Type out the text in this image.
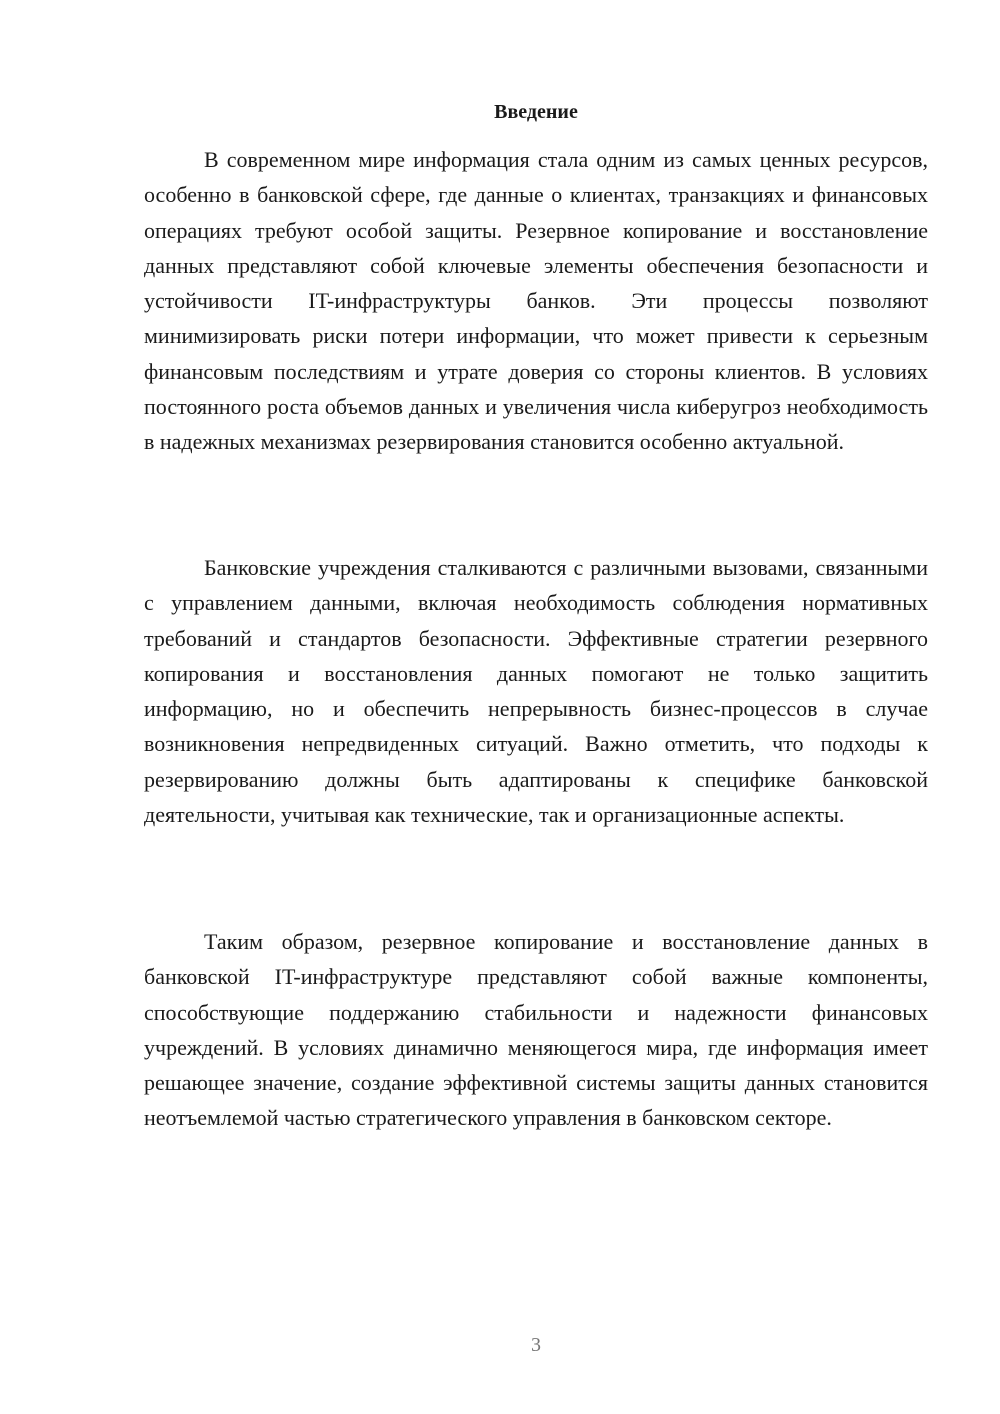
Введение

В современном мире информация стала одним из самых ценных ресурсов, особенно в банковской сфере, где данные о клиентах, транзакциях и финансовых операциях требуют особой защиты. Резервное копирование и восстановление данных представляют собой ключевые элементы обеспечения безопасности и устойчивости IT-инфраструктуры банков. Эти процессы позволяют минимизировать риски потери информации, что может привести к серьезным финансовым последствиям и утрате доверия со стороны клиентов. В условиях постоянного роста объемов данных и увеличения числа киберугроз необходимость в надежных механизмах резервирования становится особенно актуальной.

Банковские учреждения сталкиваются с различными вызовами, связанными с управлением данными, включая необходимость соблюдения нормативных требований и стандартов безопасности. Эффективные стратегии резервного копирования и восстановления данных помогают не только защитить информацию, но и обеспечить непрерывность бизнес-процессов в случае возникновения непредвиденных ситуаций. Важно отметить, что подходы к резервированию должны быть адаптированы к специфике банковской деятельности, учитывая как технические, так и организационные аспекты.

Таким образом, резервное копирование и восстановление данных в банковской IT-инфраструктуре представляют собой важные компоненты, способствующие поддержанию стабильности и надежности финансовых учреждений. В условиях динамично меняющегося мира, где информация имеет решающее значение, создание эффективной системы защиты данных становится неотъемлемой частью стратегического управления в банковском секторе.

3
